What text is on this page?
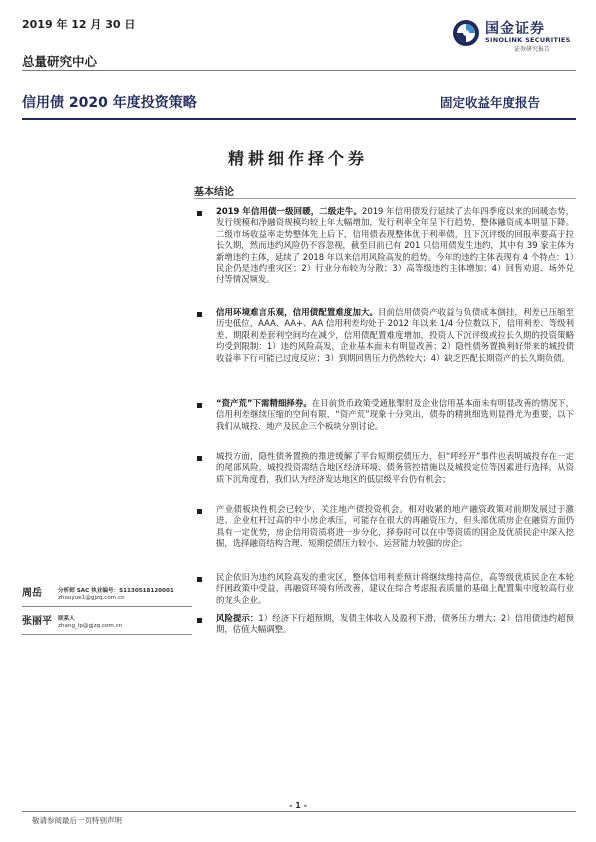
2019 年 12 月 30 日	国金证券
SINOLINK SECURITIES
证券研究报告
总量研究中心
信用债 2020 年度投资策略	固定收益年度报告
精耕细作择个券
基本结论

2019 年信用债一级回暖，二级走牛。2019 年信用债发行延续了去年四季度以来的回暖态势，发行规模和净融资规模均较上年大幅增加，发行利率全年呈下行趋势，整体融资成本明显下降。二级市场收益率走势整体先上后下，信用债表现整体优于利率债，且下沉评级的回报率要高于拉长久期，然而违约风险仍不容忽视，截至目前已有 201 只信用债发生违约，其中有 39 家主体为新增违约主体，延续了 2018 年以来信用风险高发的趋势。今年的违约主体表现有 4 个特点：1）民企仍是违约重灾区；2）行业分布较为分散；3）高等级违约主体增加；4）回售劝退、场外兑付等情况频发。

信用环境难言乐观，信用债配置难度加大。目前信用债资产收益与负债成本倒挂，利差已压缩至历史低位，AAA、AA+、AA 信用利差均处于 2012 年以来 1/4 分位数以下，信用利差、等级利差、期限利差套利空间均在减少，信用债配置难度增加，投资人下沉评级或拉长久期的投资策略均受到限制：1）违约风险高发，企业基本面未有明显改善；2）隐性债务置换利好带来的城投债收益率下行可能已过度反应；3）到期回售压力仍然较大；4）缺乏匹配长期资产的长久期负债。

“资产荒”下需精细择券。在目前货币政策受通胀掣肘及企业信用基本面未有明显改善的情况下，信用利差继续压缩的空间有限，“资产荒”现象十分突出，债券的精挑细选则显得尤为重要，以下我们从城投、地产及民企三个板块分别讨论。

城投方面，隐性债务置换的推进缓解了平台短期偿债压力，但“呼经开”事件也表明城投存在一定的尾部风险，城投投资需结合地区经济环境、债务管控措施以及城投定位等因素进行选择，从资质下沉角度看，我们认为经济发达地区的低层级平台仍有机会；

产业债板块性机会已较少，关注地产债投资机会。相对收紧的地产融资政策对前期发展过于激进、企业杠杆过高的中小房企承压，可能存在很大的再融资压力，但头部优质房企在融资方面仍具有一定优势，房企信用资质将进一步分化，择券时可以在中等资质的国企及优质民企中深入挖掘，选择融资结构合理、短期偿债压力较小、运营能力较强的房企；

民企依旧为违约风险高发的重灾区，整体信用利差预计将继续维持高位，高等级优质民企在本轮纾困政策中受益，再融资环境有所改善，建议在综合考虑报表质量的基础上配置集中度较高行业的龙头企业。

风险提示：1）经济下行超预期，发债主体收入及盈利下滑，债务压力增大；2）信用债违约超预期，估值大幅调整。

周岳	分析师 SAC 执业编号：S1130518120001
zhouyue1@gjzq.com.cn
张丽平 联系人
zhang_lp@gjzq.com.cn
- 1 -
敬请参阅最后一页特别声明
